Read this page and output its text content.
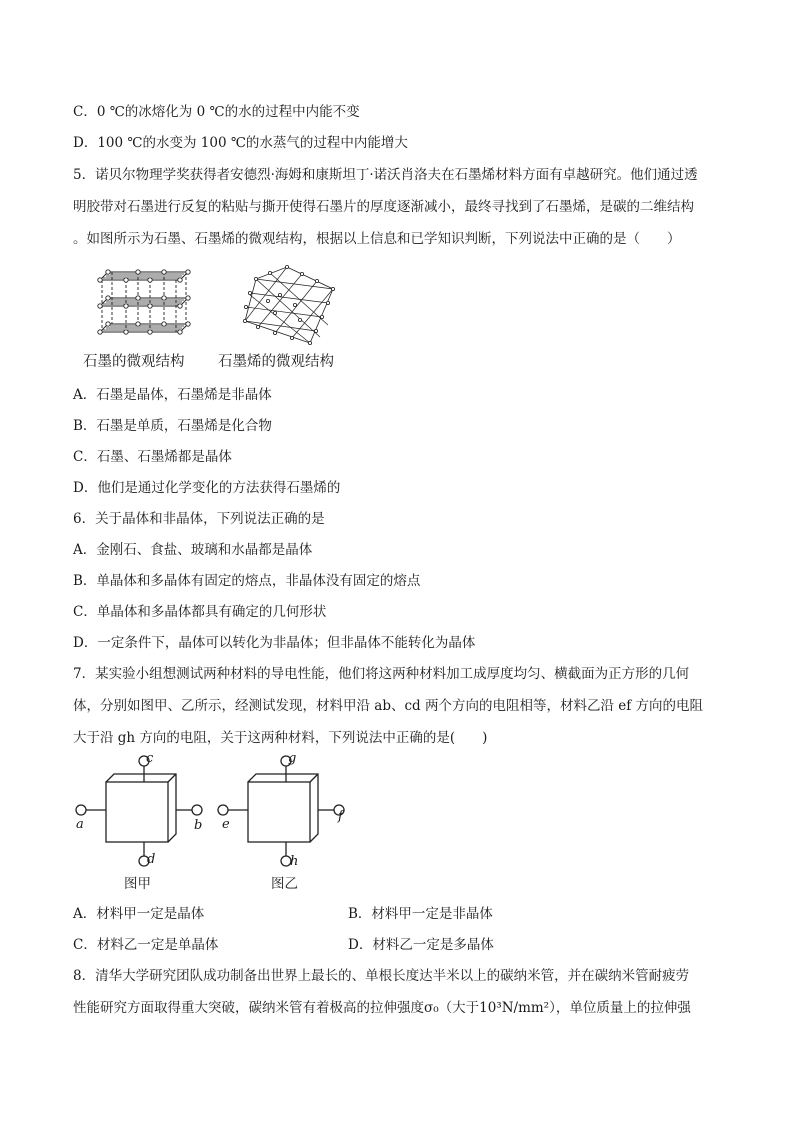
C．0 ℃的冰熔化为 0 ℃的水的过程中内能不变
D．100 ℃的水变为 100 ℃的水蒸气的过程中内能增大
5．诺贝尔物理学奖获得者安德烈·海姆和康斯坦丁·诺沃肖洛夫在石墨烯材料方面有卓越研究。他们通过透
明胶带对石墨进行反复的粘贴与撕开使得石墨片的厚度逐渐减小，最终寻找到了石墨烯，是碳的二维结构
。如图所示为石墨、石墨烯的微观结构，根据以上信息和已学知识判断，下列说法中正确的是（　　）
石墨的微观结构 石墨烯的微观结构
A．石墨是晶体，石墨烯是非晶体
B．石墨是单质，石墨烯是化合物
C．石墨、石墨烯都是晶体
D．他们是通过化学变化的方法获得石墨烯的
6．关于晶体和非晶体，下列说法正确的是
A．金刚石、食盐、玻璃和水晶都是晶体
B．单晶体和多晶体有固定的熔点，非晶体没有固定的熔点
C．单晶体和多晶体都具有确定的几何形状
D．一定条件下，晶体可以转化为非晶体；但非晶体不能转化为晶体
7．某实验小组想测试两种材料的导电性能，他们将这两种材料加工成厚度均匀、横截面为正方形的几何
体，分别如图甲、乙所示，经测试发现，材料甲沿 ab、cd 两个方向的电阻相等，材料乙沿 ef 方向的电阻
大于沿 gh 方向的电阻，关于这两种材料，下列说法中正确的是(　　)
a	b
c
d
e
f
g
h
图甲	图乙
A．材料甲一定是晶体	B．材料甲一定是非晶体
C．材料乙一定是单晶体	D．材料乙一定是多晶体
8．清华大学研究团队成功制备出世界上最长的、单根长度达半米以上的碳纳米管，并在碳纳米管耐疲劳
性能研究方面取得重大突破，碳纳米管有着极高的拉伸强度σ₀（大于10³N/mm²），单位质量上的拉伸强
